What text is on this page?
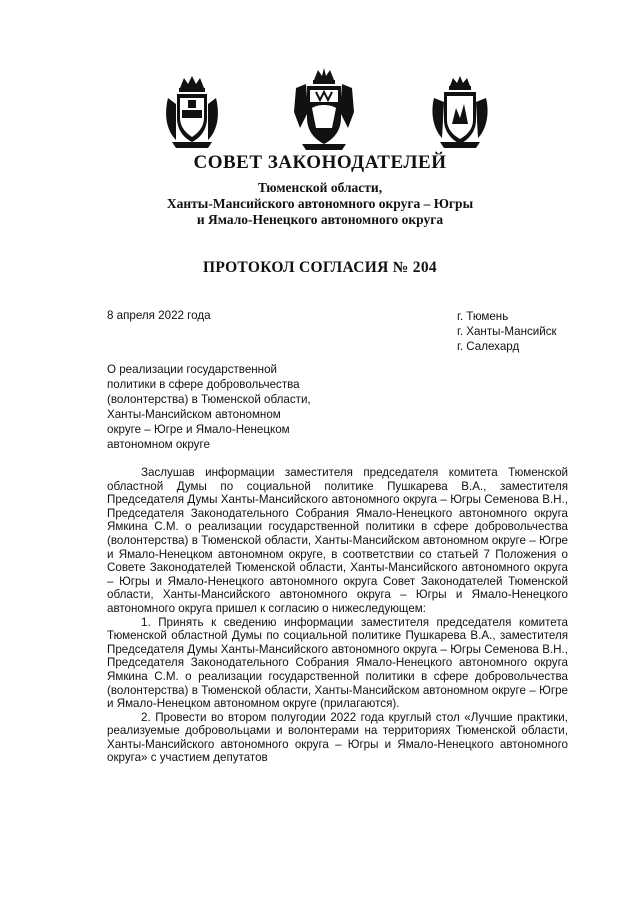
СОВЕТ ЗАКОНОДАТЕЛЕЙ
Тюменской области,
Ханты-Мансийского автономного округа – Югры
и Ямало-Ненецкого автономного округа
ПРОТОКОЛ СОГЛАСИЯ № 204
8 апреля 2022 года	г. Тюмень
г. Ханты-Мансийск
г. Салехард
О реализации государственной
политики в сфере добровольчества
(волонтерства) в Тюменской области,
Ханты-Мансийском автономном
округе – Югре и Ямало-Ненецком
автономном округе

Заслушав информации заместителя председателя комитета Тюменской областной Думы по социальной политике Пушкарева В.А., заместителя Председателя Думы Ханты-Мансийского автономного округа – Югры Семенова В.Н., Председателя Законодательного Собрания Ямало-Ненецкого автономного округа Ямкина С.М. о реализации государственной политики в сфере добровольчества (волонтерства) в Тюменской области, Ханты-Мансийском автономном округе – Югре и Ямало-Ненецком автономном округе, в соответствии со статьей 7 Положения о Совете Законодателей Тюменской области, Ханты-Мансийского автономного округа – Югры и Ямало-Ненецкого автономного округа Совет Законодателей Тюменской области, Ханты-Мансийского автономного округа – Югры и Ямало-Ненецкого автономного округа пришел к согласию о нижеследующем:

1. Принять к сведению информации заместителя председателя комитета Тюменской областной Думы по социальной политике Пушкарева В.А., заместителя Председателя Думы Ханты-Мансийского автономного округа – Югры Семенова В.Н., Председателя Законодательного Собрания Ямало-Ненецкого автономного округа Ямкина С.М. о реализации государственной политики в сфере добровольчества (волонтерства) в Тюменской области, Ханты-Мансийском автономном округе – Югре и Ямало-Ненецком автономном округе (прилагаются).

2. Провести во втором полугодии 2022 года круглый стол «Лучшие практики, реализуемые добровольцами и волонтерами на территориях Тюменской области, Ханты-Мансийского автономного округа – Югры и Ямало-Ненецкого автономного округа» с участием депутатов
